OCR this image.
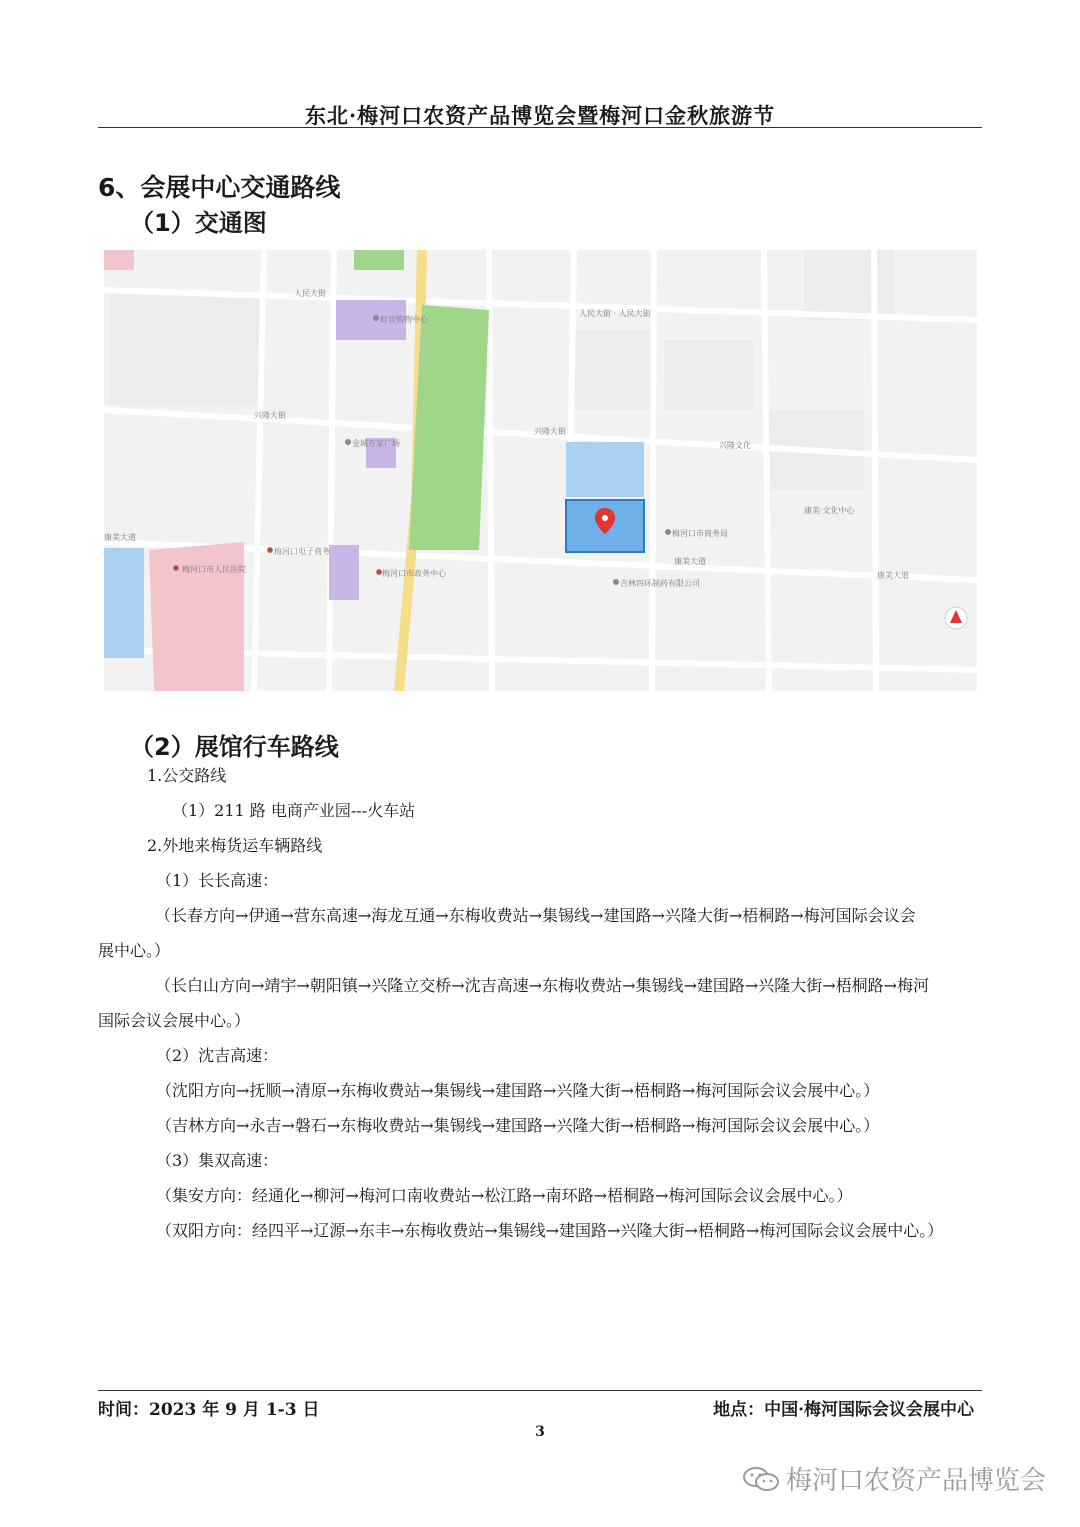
东北·梅河口农资产品博览会暨梅河口金秋旅游节
6、会展中心交通路线
（1）交通图
人民大街
人民大街 · 人民大街
兴隆大街
兴隆大街
兴隆文化
康美大道
康美大道
康美大道
好宜购物中心
金城万家广场
梅河口电子商务
梅河口市政务中心
梅河口市商务局
梅河口市人民医院
吉林四环制药有限公司
康美·文化中心
（2）展馆行车路线
1.公交路线
（1）211 路 电商产业园---火车站
2.外地来梅货运车辆路线
（1）长长高速：
（长春方向→伊通→营东高速→海龙互通→东梅收费站→集锡线→建国路→兴隆大街→梧桐路→梅河国际会议会展中心。）
（长白山方向→靖宇→朝阳镇→兴隆立交桥→沈吉高速→东梅收费站→集锡线→建国路→兴隆大街→梧桐路→梅河国际会议会展中心。）
（2）沈吉高速：
（沈阳方向→抚顺→清原→东梅收费站→集锡线→建国路→兴隆大街→梧桐路→梅河国际会议会展中心。）
（吉林方向→永吉→磐石→东梅收费站→集锡线→建国路→兴隆大街→梧桐路→梅河国际会议会展中心。）
（3）集双高速：
（集安方向：经通化→柳河→梅河口南收费站→松江路→南环路→梧桐路→梅河国际会议会展中心。）
（双阳方向：经四平→辽源→东丰→东梅收费站→集锡线→建国路→兴隆大街→梧桐路→梅河国际会议会展中心。）
时间：2023 年 9 月 1-3 日	地点：中国·梅河国际会议会展中心
3
梅河口农资产品博览会
